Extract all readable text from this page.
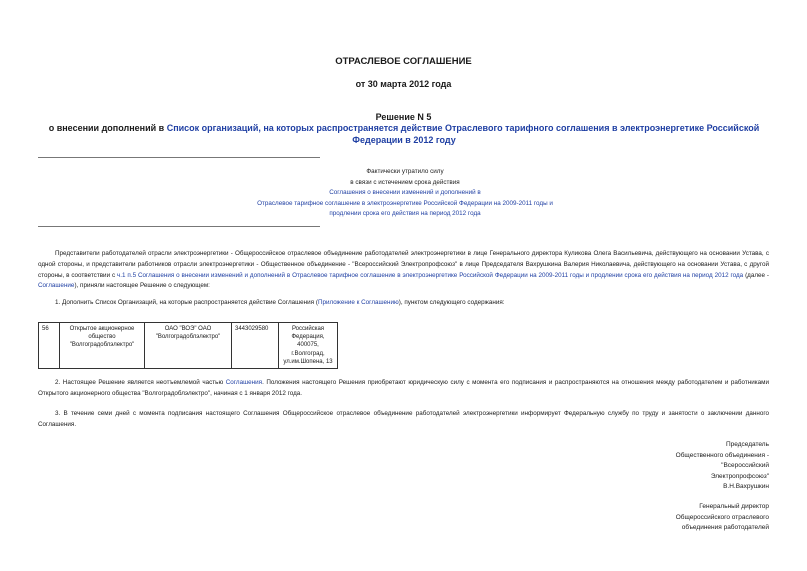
ОТРАСЛЕВОЕ СОГЛАШЕНИЕ
от 30 марта 2012 года
Решение N 5
о внесении дополнений в Список организаций, на которых распространяется действие Отраслевого тарифного соглашения в электроэнергетике Российской Федерации в 2012 году
Фактически утратило силу
в связи с истечением срока действия
Соглашения о внесении изменений и дополнений в
Отраслевое тарифное соглашение в электроэнергетике Российской Федерации на 2009-2011 годы и
продлении срока его действия на период 2012 года
Представители работодателей отрасли электроэнергетики - Общероссийское отраслевое объединение работодателей электроэнергетики в лице Генерального директора Куликова Олега Васильевича, действующего на основании Устава, с одной стороны, и представители работников отрасли электроэнергетики - Общественное объединение - "Всероссийский Электропрофсоюз" в лице Председателя Вахрушкина Валерия Николаевича, действующего на основании Устава, с другой стороны, в соответствии с ч.1 п.5 Соглашения о внесении изменений и дополнений в Отраслевое тарифное соглашение в электроэнергетике Российской Федерации на 2009-2011 годы и продлении срока его действия на период 2012 года (далее - Соглашение), приняли настоящее Решение о следующем:
1. Дополнить Список Организаций, на которые распространяется действие Соглашения (Приложение к Соглашению), пунктом следующего содержания:
56	Открытое акционерное общество "Волгоградоблэлектро"	ОАО "ВОЭ" ОАО "Волгоградоблэлектро"	3443029580	Российская Федерация, 400075, г.Волгоград, ул.им.Шопена, 13
2. Настоящее Решение является неотъемлемой частью Соглашения. Положения настоящего Решения приобретают юридическую силу с момента его подписания и распространяются на отношения между работодателем и работниками Открытого акционерного общества "Волгоградоблэлектро", начиная с 1 января 2012 года.
3. В течение семи дней с момента подписания настоящего Соглашения Общероссийское отраслевое объединение работодателей электроэнергетики информирует Федеральную службу по труду и занятости о заключении данного Соглашения.
Председатель
Общественного объединения -
"Всероссийский
Электропрофсоюз"
В.Н.Вахрушкин
Генеральный директор
Общероссийского отраслевого
объединения работодателей
